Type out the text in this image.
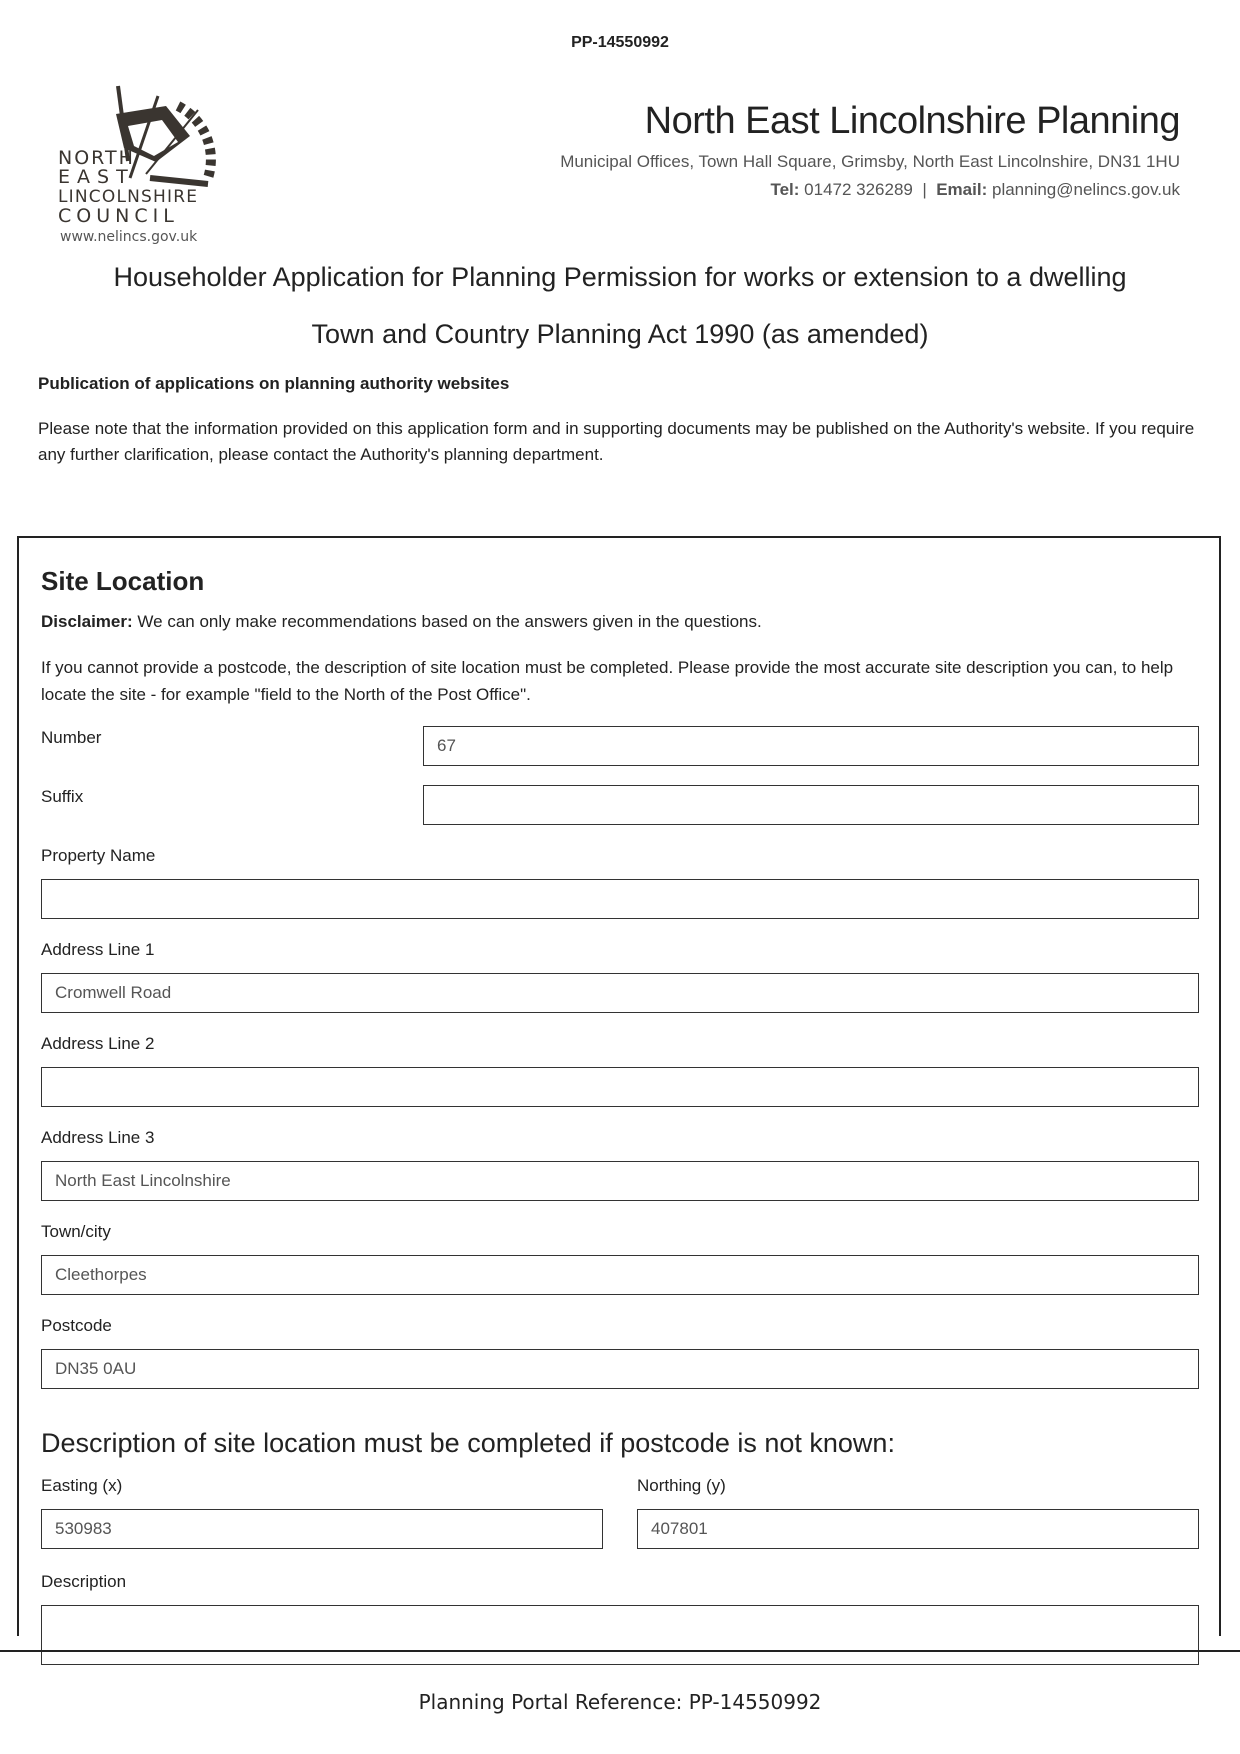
PP-14550992
NORTH
EAST
LINCOLNSHIRE
COUNCIL
www.nelincs.gov.uk
North East Lincolnshire Planning
Municipal Offices, Town Hall Square, Grimsby, North East Lincolnshire, DN31 1HU
Tel: 01472 326289 | Email: planning@nelincs.gov.uk
Householder Application for Planning Permission for works or extension to a dwelling
Town and Country Planning Act 1990 (as amended)
Publication of applications on planning authority websites
Please note that the information provided on this application form and in supporting documents may be published on the Authority's website. If you require any further clarification, please contact the Authority's planning department.
Site Location
Disclaimer: We can only make recommendations based on the answers given in the questions.
If you cannot provide a postcode, the description of site location must be completed. Please provide the most accurate site description you can, to help locate the site - for example "field to the North of the Post Office".
Number	67
Suffix
Property Name
Address Line 1
Cromwell Road
Address Line 2
Address Line 3
North East Lincolnshire
Town/city
Cleethorpes
Postcode
DN35 0AU
Description of site location must be completed if postcode is not known:
Easting (x)
530983
Northing (y)
407801
Description
Planning Portal Reference: PP-14550992
